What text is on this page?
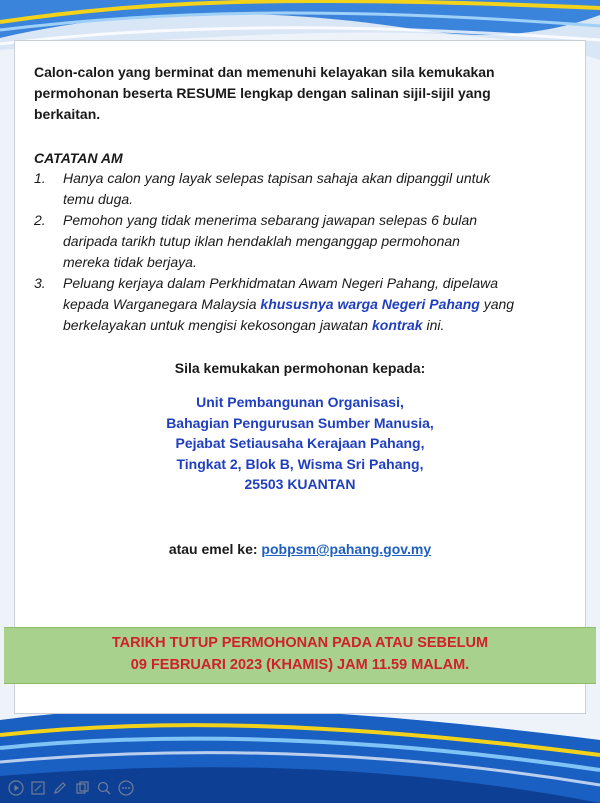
Calon-calon yang berminat dan memenuhi kelayakan sila kemukakan
permohonan beserta RESUME lengkap dengan salinan sijil-sijil yang
berkaitan.
CATATAN AM
1. Hanya calon yang layak selepas tapisan sahaja akan dipanggil untuk
temu duga.
2. Pemohon yang tidak menerima sebarang jawapan selepas 6 bulan
daripada tarikh tutup iklan hendaklah menganggap permohonan
mereka tidak berjaya.
3. Peluang kerjaya dalam Perkhidmatan Awam Negeri Pahang, dipelawa
kepada Warganegara Malaysia khususnya warga Negeri Pahang yang
berkelayakan untuk mengisi kekosongan jawatan kontrak ini.
Sila kemukakan permohonan kepada:
Unit Pembangunan Organisasi,
Bahagian Pengurusan Sumber Manusia,
Pejabat Setiausaha Kerajaan Pahang,
Tingkat 2, Blok B, Wisma Sri Pahang,
25503 KUANTAN
atau emel ke: pobpsm@pahang.gov.my
TARIKH TUTUP PERMOHONAN PADA ATAU SEBELUM
09 FEBRUARI 2023 (KHAMIS) JAM 11.59 MALAM.
